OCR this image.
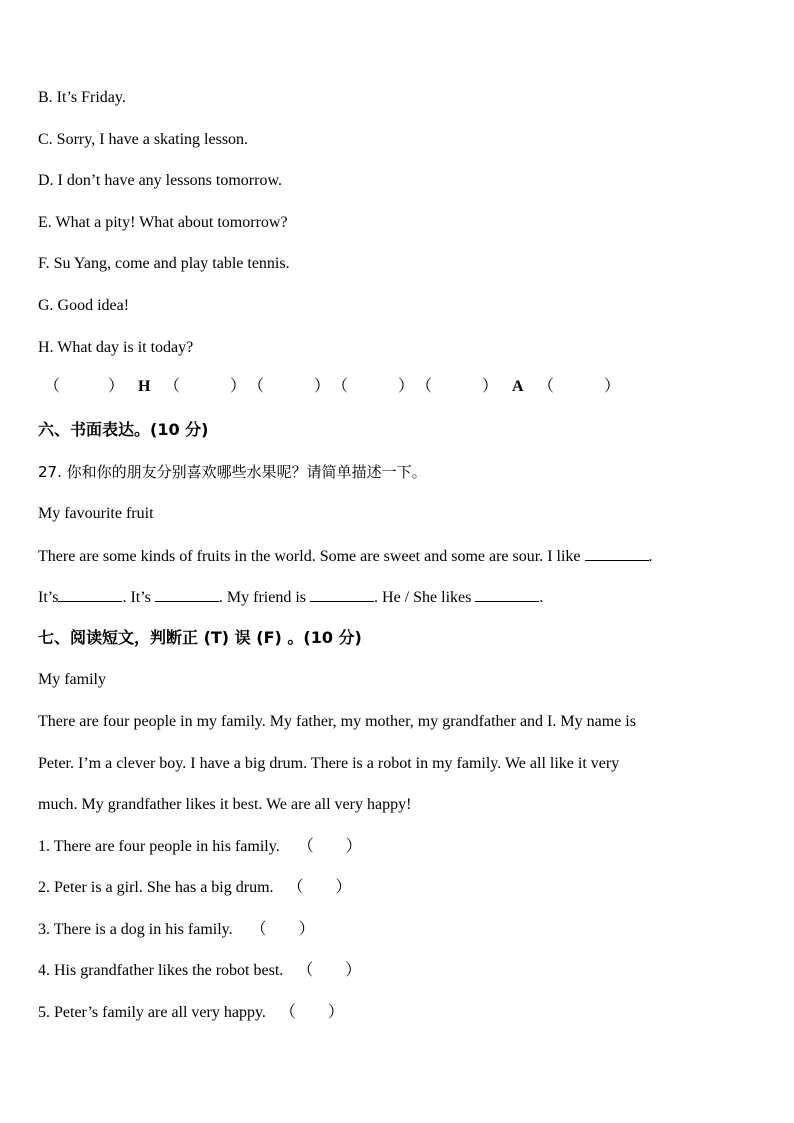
B. It’s Friday.
C. Sorry, I have a skating lesson.
D. I don’t have any lessons tomorrow.
E. What a pity! What about tomorrow?
F. Su Yang, come and play table tennis.
G. Good idea!
H. What day is it today?
（	） H （	） （	） （	） （	） A （	）
六、书面表达。(10 分)
27. 你和你的朋友分别喜欢哪些水果呢？请简单描述一下。
My favourite fruit
There are some kinds of fruits in the world. Some are sweet and some are sour. I like	.
It’s	. It’s	. My friend is	. He / She likes	.
七、阅读短文，判断正 (T) 误 (F) 。(10 分)
My family
There are four people in my family. My father, my mother, my grandfather and I. My name is
Peter. I’m a clever boy. I have a big drum. There is a robot in my family. We all like it very
much. My grandfather likes it best. We are all very happy!
1. There are four people in his family. （　　）
2. Peter is a girl. She has a big drum. （　　）
3. There is a dog in his family. （　　）
4. His grandfather likes the robot best. （　　）
5. Peter’s family are all very happy. （　　）
